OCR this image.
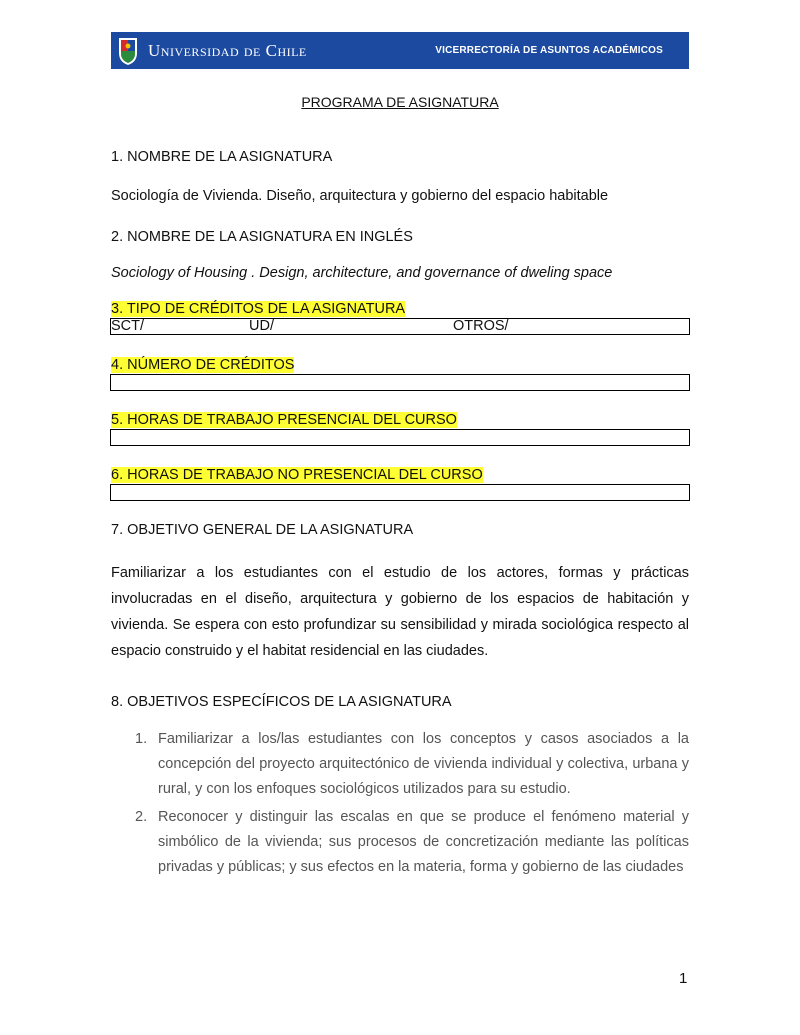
Universidad de Chile	VICERRECTORÍA DE ASUNTOS ACADÉMICOS
PROGRAMA DE ASIGNATURA
1. NOMBRE DE LA ASIGNATURA
Sociología de Vivienda. Diseño, arquitectura y gobierno del espacio habitable
2. NOMBRE DE LA ASIGNATURA EN INGLÉS
Sociology of Housing . Design, architecture, and governance of dweling space
3. TIPO DE CRÉDITOS DE LA ASIGNATURA
SCT/	UD/	OTROS/
4. NÚMERO DE CRÉDITOS
5. HORAS DE TRABAJO PRESENCIAL DEL CURSO
6. HORAS DE TRABAJO NO PRESENCIAL DEL CURSO
7. OBJETIVO GENERAL DE LA ASIGNATURA
Familiarizar a los estudiantes con el estudio de los actores, formas y prácticas involucradas en el diseño, arquitectura y gobierno de los espacios de habitación y vivienda. Se espera con esto profundizar su sensibilidad y mirada sociológica respecto al espacio construido y el habitat residencial en las ciudades.
8. OBJETIVOS ESPECÍFICOS DE LA ASIGNATURA
1. Familiarizar a los/las estudiantes con los conceptos y casos asociados a la concepción del proyecto arquitectónico de vivienda individual y colectiva, urbana y rural, y con los enfoques sociológicos utilizados para su estudio.
2. Reconocer y distinguir las escalas en que se produce el fenómeno material y simbólico de la vivienda; sus procesos de concretización mediante las políticas privadas y públicas; y sus efectos en la materia, forma y gobierno de las ciudades
1
